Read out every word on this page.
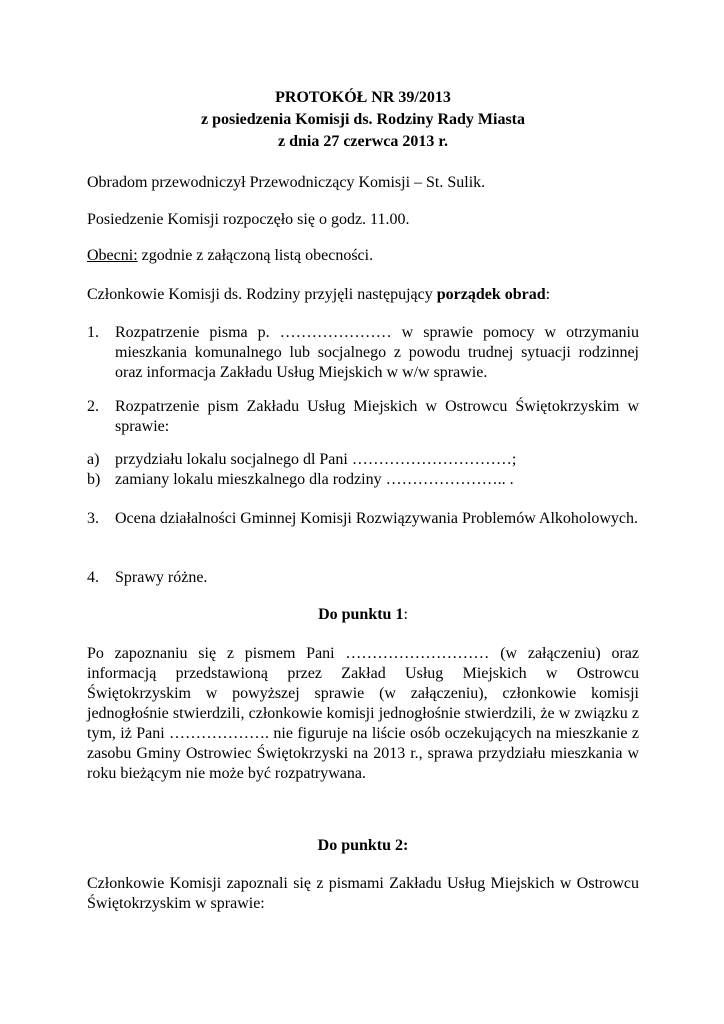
PROTOKÓŁ NR 39/2013
z posiedzenia Komisji ds. Rodziny Rady Miasta
z dnia 27 czerwca 2013 r.
Obradom przewodniczył Przewodniczący Komisji – St. Sulik.
Posiedzenie Komisji rozpoczęło się o godz. 11.00.
Obecni: zgodnie z załączoną listą obecności.
Członkowie Komisji ds. Rodziny przyjęli następujący porządek obrad:
1. Rozpatrzenie pisma p. ………………… w sprawie pomocy w otrzymaniu mieszkania komunalnego lub socjalnego z powodu trudnej sytuacji rodzinnej oraz informacja Zakładu Usług Miejskich w w/w sprawie.
2. Rozpatrzenie pism Zakładu Usług Miejskich w Ostrowcu Świętokrzyskim w sprawie:
a) przydziału lokalu socjalnego dl Pani …………………………;
b) zamiany lokalu mieszkalnego dla rodziny ………………….. .
3. Ocena działalności Gminnej Komisji Rozwiązywania Problemów Alkoholowych.
4. Sprawy różne.
Do punktu 1:
Po zapoznaniu się z pismem Pani ……………………… (w załączeniu) oraz informacją przedstawioną przez Zakład Usług Miejskich w Ostrowcu Świętokrzyskim w powyższej sprawie (w załączeniu), członkowie komisji jednogłośnie stwierdzili, członkowie komisji jednogłośnie stwierdzili, że w związku z tym, iż Pani ………………. nie figuruje na liście osób oczekujących na mieszkanie z zasobu Gminy Ostrowiec Świętokrzyski na 2013 r., sprawa przydziału mieszkania w roku bieżącym nie może być rozpatrywana.
Do punktu 2:
Członkowie Komisji zapoznali się z pismami Zakładu Usług Miejskich w Ostrowcu Świętokrzyskim w sprawie:
